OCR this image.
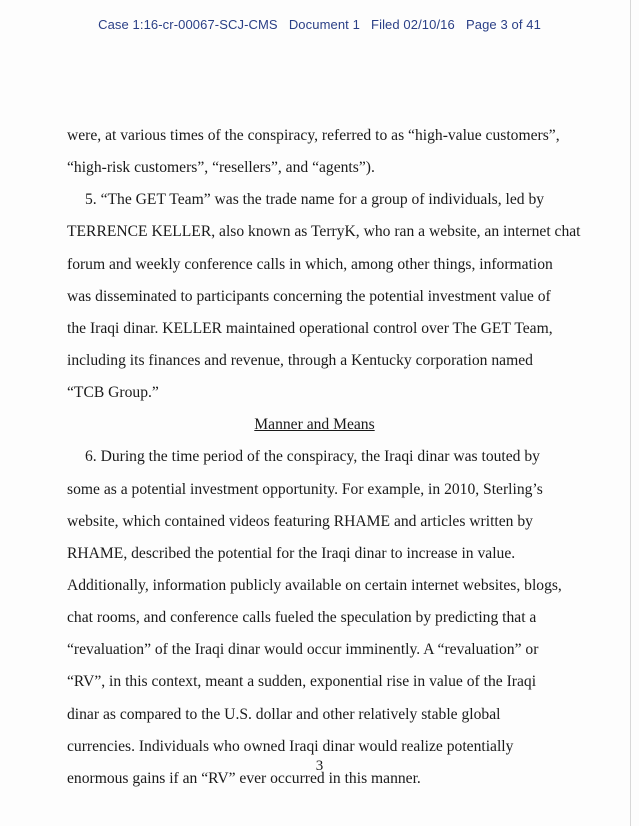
Case 1:16-cr-00067-SCJ-CMS   Document 1   Filed 02/10/16   Page 3 of 41
were, at various times of the conspiracy, referred to as “high-value customers”,
“high-risk customers”, “resellers”, and “agents”).
5. “The GET Team” was the trade name for a group of individuals, led by
TERRENCE KELLER, also known as TerryK, who ran a website, an internet chat
forum and weekly conference calls in which, among other things, information
was disseminated to participants concerning the potential investment value of
the Iraqi dinar. KELLER maintained operational control over The GET Team,
including its finances and revenue, through a Kentucky corporation named
“TCB Group.”
Manner and Means
6. During the time period of the conspiracy, the Iraqi dinar was touted by
some as a potential investment opportunity. For example, in 2010, Sterling’s
website, which contained videos featuring RHAME and articles written by
RHAME, described the potential for the Iraqi dinar to increase in value.
Additionally, information publicly available on certain internet websites, blogs,
chat rooms, and conference calls fueled the speculation by predicting that a
“revaluation” of the Iraqi dinar would occur imminently. A “revaluation” or
“RV”, in this context, meant a sudden, exponential rise in value of the Iraqi
dinar as compared to the U.S. dollar and other relatively stable global
currencies. Individuals who owned Iraqi dinar would realize potentially
enormous gains if an “RV” ever occurred in this manner.
3
